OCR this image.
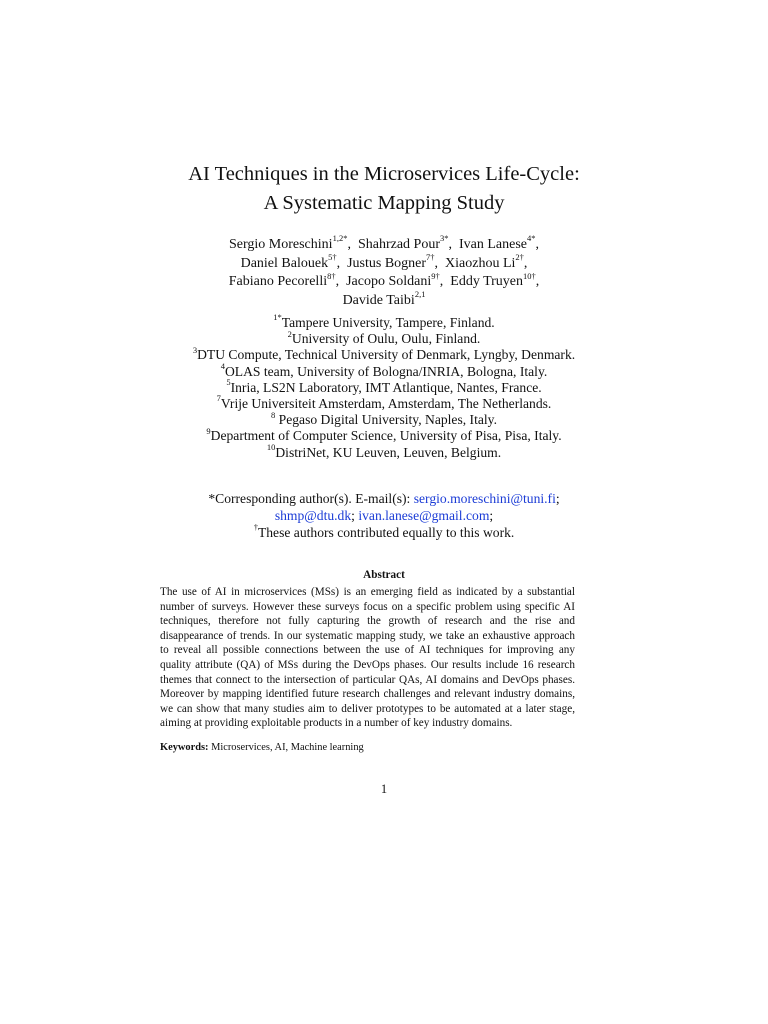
AI Techniques in the Microservices Life-Cycle:
A Systematic Mapping Study
Sergio Moreschini$^{1,2*}$,  Shahrzad Pour$^{3*}$,  Ivan Lanese$^{4*}$,
Daniel Balouek$^{5\dagger}$,  Justus Bogner$^{7\dagger}$,  Xiaozhou $Li^{2\dagger}$,
Fabiano Pecorelli$^{8\dagger}$,  Jacopo Soldani$^{9\dagger}$,  Eddy Truyen$^{10\dagger}$,
Davide Taibi$^{2,1}$
$^{1*}$Tampere University, Tampere, Finland.
$^2$University of Oulu, Oulu, Finland.
$^3$DTU Compute, Technical University of Denmark, Lyngby, Denmark.
$^4$OLAS team, University of Bologna/INRIA, Bologna, Italy.
$^5$Inria, LS2N Laboratory, IMT Atlantique, Nantes, France.
$^7$Vrije Universiteit Amsterdam, Amsterdam, The Netherlands.
$^8$ Pegaso Digital University, Naples, Italy.
$^9$Department of Computer Science, University of Pisa, Pisa, Italy.
$^{10}$DistriNet, KU Leuven, Leuven, Belgium.
*Corresponding author(s). E-mail(s): sergio.moreschini@tuni.fi;
shmp@dtu.dk; ivan.lanese@gmail.com;
†These authors contributed equally to this work.
Abstract
The use of AI in microservices (MSs) is an emerging field as indicated by a substantial number of surveys. However these surveys focus on a specific problem using specific AI techniques, therefore not fully capturing the growth of research and the rise and disappearance of trends. In our systematic mapping study, we take an exhaustive approach to reveal all possible connections between the use of AI techniques for improving any quality attribute (QA) of MSs during the DevOps phases. Our results include 16 research themes that connect to the intersection of particular QAs, AI domains and DevOps phases. Moreover by mapping identified future research challenges and relevant industry domains, we can show that many studies aim to deliver prototypes to be automated at a later stage, aiming at providing exploitable products in a number of key industry domains.
Keywords: Microservices, AI, Machine learning
1
